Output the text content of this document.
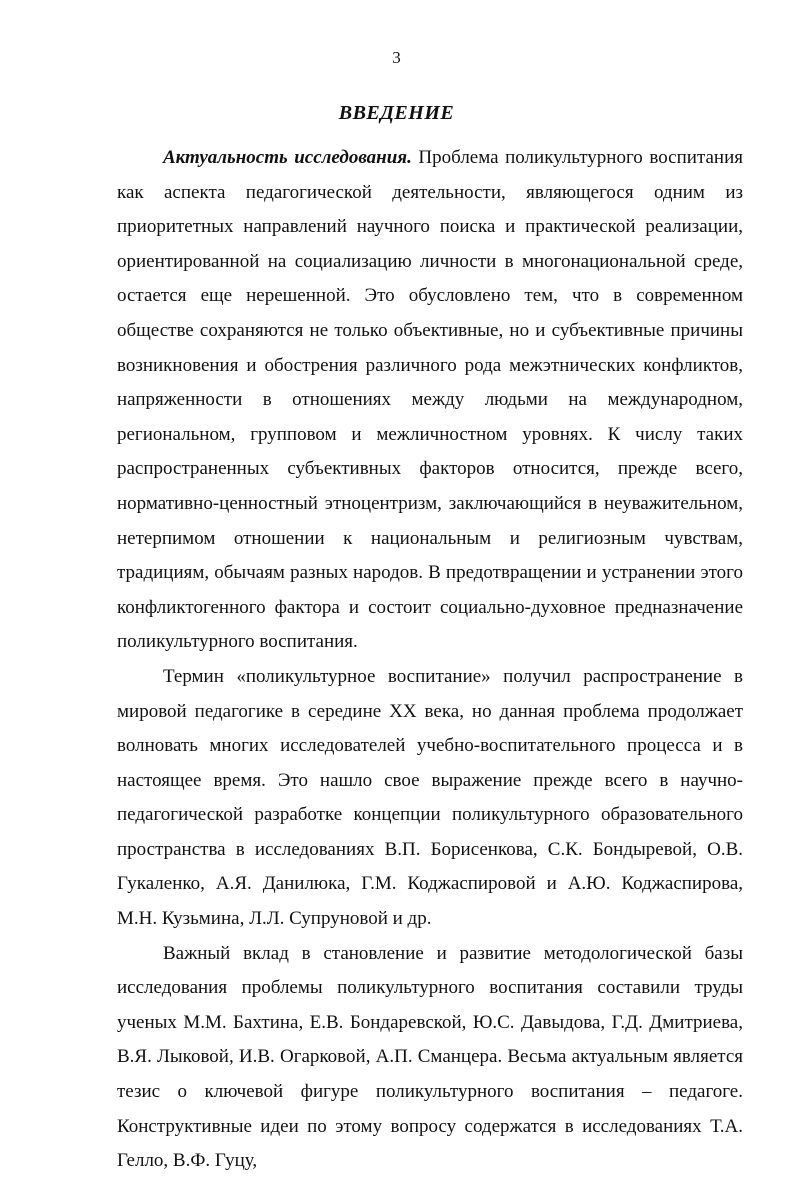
3
ВВЕДЕНИЕ

Актуальность исследования. Проблема поликультурного воспитания как аспекта педагогической деятельности, являющегося одним из приоритетных направлений научного поиска и практической реализации, ориентированной на социализацию личности в многонациональной среде, остается еще нерешенной. Это обусловлено тем, что в современном обществе сохраняются не только объективные, но и субъективные причины возникновения и обострения различного рода межэтнических конфликтов, напряженности в отношениях между людьми на международном, региональном, групповом и межличностном уровнях. К числу таких распространенных субъективных факторов относится, прежде всего, нормативно-ценностный этноцентризм, заключающийся в неуважительном, нетерпимом отношении к национальным и религиозным чувствам, традициям, обычаям разных народов. В предотвращении и устранении этого конфликтогенного фактора и состоит социально-духовное предназначение поликультурного воспитания.

Термин «поликультурное воспитание» получил распространение в мировой педагогике в середине XX века, но данная проблема продолжает волновать многих исследователей учебно-воспитательного процесса и в настоящее время. Это нашло свое выражение прежде всего в научно-педагогической разработке концепции поликультурного образовательного пространства в исследованиях В.П. Борисенкова, С.К. Бондыревой, О.В. Гукаленко, А.Я. Данилюка, Г.М. Коджаспировой и А.Ю. Коджаспирова, М.Н. Кузьмина, Л.Л. Супруновой и др.

Важный вклад в становление и развитие методологической базы исследования проблемы поликультурного воспитания составили труды ученых М.М. Бахтина, Е.В. Бондаревской, Ю.С. Давыдова, Г.Д. Дмитриева, В.Я. Лыковой, И.В. Огарковой, А.П. Сманцера. Весьма актуальным является тезис о ключевой фигуре поликультурного воспитания – педагоге. Конструктивные идеи по этому вопросу содержатся в исследованиях Т.А. Гелло, В.Ф. Гуцу,
